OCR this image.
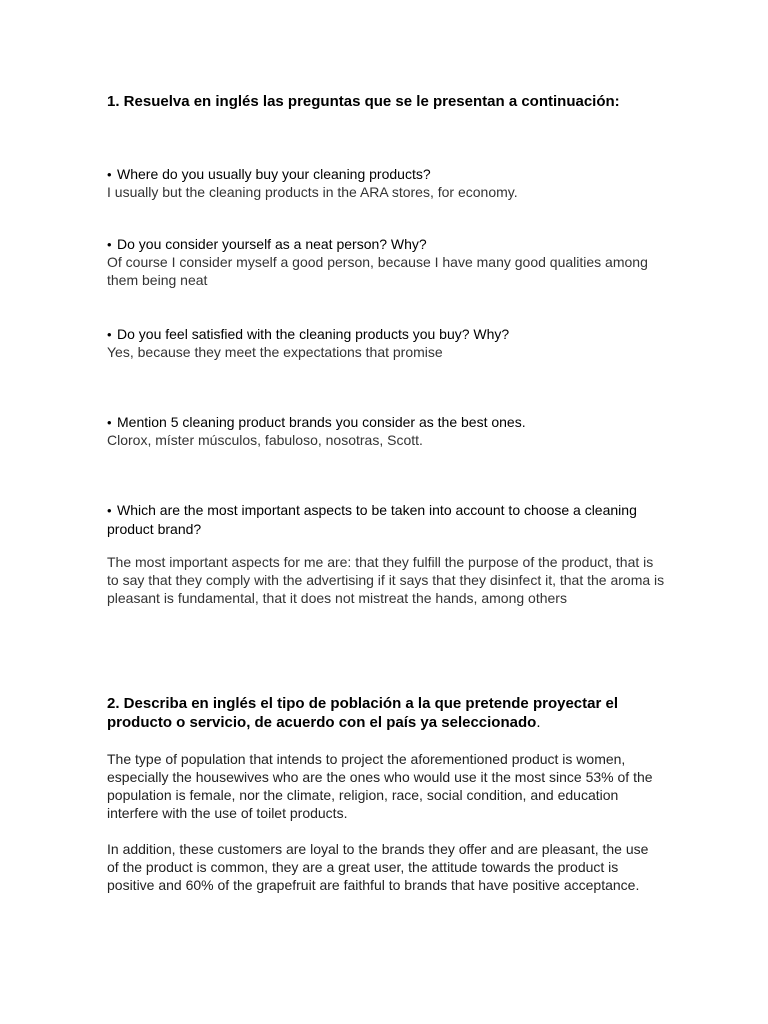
1. Resuelva en inglés las preguntas que se le presentan a continuación:
• Where do you usually buy your cleaning products?
I usually but the cleaning products in the ARA stores, for economy.
• Do you consider yourself as a neat person? Why?
Of course I consider myself a good person, because I have many good qualities among them being neat
• Do you feel satisfied with the cleaning products you buy? Why?
Yes, because they meet the expectations that promise
• Mention 5 cleaning product brands you consider as the best ones.
Clorox, míster músculos, fabuloso, nosotras, Scott.
• Which are the most important aspects to be taken into account to choose a cleaning product brand?
The most important aspects for me are: that they fulfill the purpose of the product, that is to say that they comply with the advertising if it says that they disinfect it, that the aroma is pleasant is fundamental, that it does not mistreat the hands, among others
2. Describa en inglés el tipo de población a la que pretende proyectar el producto o servicio, de acuerdo con el país ya seleccionado.
The type of population that intends to project the aforementioned product is women, especially the housewives who are the ones who would use it the most since 53% of the population is female, nor the climate, religion, race, social condition, and education interfere with the use of toilet products.
In addition, these customers are loyal to the brands they offer and are pleasant, the use of the product is common, they are a great user, the attitude towards the product is positive and 60% of the grapefruit are faithful to brands that have positive acceptance.
